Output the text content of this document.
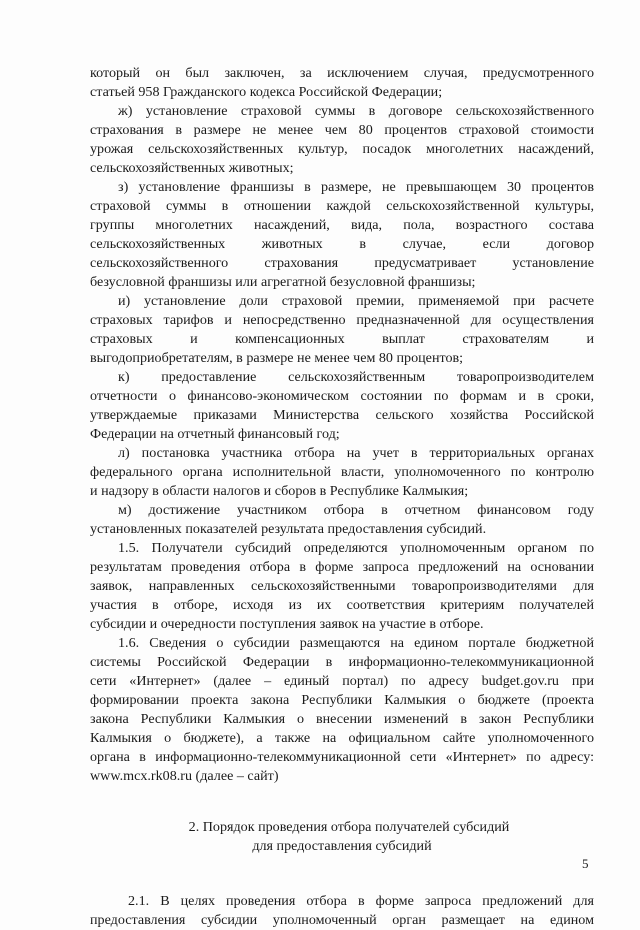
который он был заключен, за исключением случая, предусмотренного

статьей 958 Гражданского кодекса Российской Федерации;

ж) установление страховой суммы в договоре сельскохозяйственного

страхования в размере не менее чем 80 процентов страховой стоимости

урожая сельскохозяйственных культур, посадок многолетних насаждений,

сельскохозяйственных животных;

з) установление франшизы в размере, не превышающем 30 процентов

страховой суммы в отношении каждой сельскохозяйственной культуры,

группы многолетних насаждений, вида, пола, возрастного состава

сельскохозяйственных животных в случае, если договор

сельскохозяйственного страхования предусматривает установление

безусловной франшизы или агрегатной безусловной франшизы;

и) установление доли страховой премии, применяемой при расчете

страховых тарифов и непосредственно предназначенной для осуществления

страховых и компенсационных выплат страхователям и

выгодоприобретателям, в размере не менее чем 80 процентов;

к) предоставление сельскохозяйственным товаропроизводителем

отчетности о финансово-экономическом состоянии по формам и в сроки,

утверждаемые приказами Министерства сельского хозяйства Российской

Федерации на отчетный финансовый год;

л) постановка участника отбора на учет в территориальных органах

федерального органа исполнительной власти, уполномоченного по контролю

и надзору в области налогов и сборов в Республике Калмыкия;

м) достижение участником отбора в отчетном финансовом году

установленных показателей результата предоставления субсидий.

1.5. Получатели субсидий определяются уполномоченным органом по

результатам проведения отбора в форме запроса предложений на основании

заявок, направленных сельскохозяйственными товаропроизводителями для

участия в отборе, исходя из их соответствия критериям получателей

субсидии и очередности поступления заявок на участие в отборе.

1.6. Сведения о субсидии размещаются на едином портале бюджетной

системы Российской Федерации в информационно-телекоммуникационной

сети «Интернет» (далее – единый портал) по адресу budget.gov.ru при

формировании проекта закона Республики Калмыкия о бюджете (проекта

закона Республики Калмыкия о внесении изменений в закон Республики

Калмыкия о бюджете), а также на официальном сайте уполномоченного

органа в информационно-телекоммуникационной сети «Интернет» по адресу:

www.mcx.rk08.ru (далее – сайт)

2. Порядок проведения отбора получателей субсидий
для предоставления субсидий

2.1. В целях проведения отбора в форме запроса предложений для

предоставления субсидии уполномоченный орган размещает на едином

5
